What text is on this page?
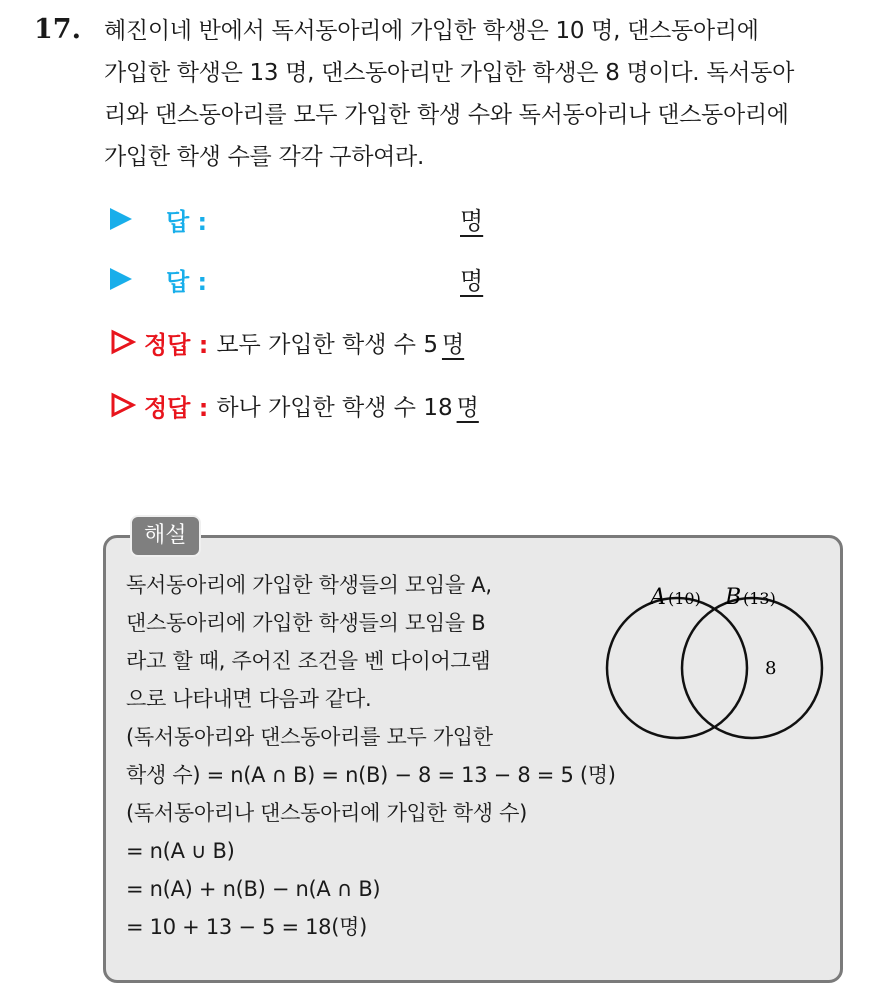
17. 혜진이네 반에서 독서동아리에 가입한 학생은 10 명, 댄스동아리에
가입한 학생은 13 명, 댄스동아리만 가입한 학생은 8 명이다. 독서동아
리와 댄스동아리를 모두 가입한 학생 수와 독서동아리나 댄스동아리에
가입한 학생 수를 각각 구하여라.
답 :	명
답 :	명
정답 : 모두 가입한 학생 수 5 명
정답 : 하나 가입한 학생 수 18 명
해설
독서동아리에 가입한 학생들의 모임을 A,
댄스동아리에 가입한 학생들의 모임을 B
라고 할 때, 주어진 조건을 벤 다이어그램
으로 나타내면 다음과 같다.
(독서동아리와 댄스동아리를 모두 가입한
학생 수) = n(A ∩ B) = n(B) − 8 = 13 − 8 = 5 (명)
(독서동아리나 댄스동아리에 가입한 학생 수)
= n(A ∪ B)
= n(A) + n(B) − n(A ∩ B)
= 10 + 13 − 5 = 18(명)
A (10) B (13)
8
